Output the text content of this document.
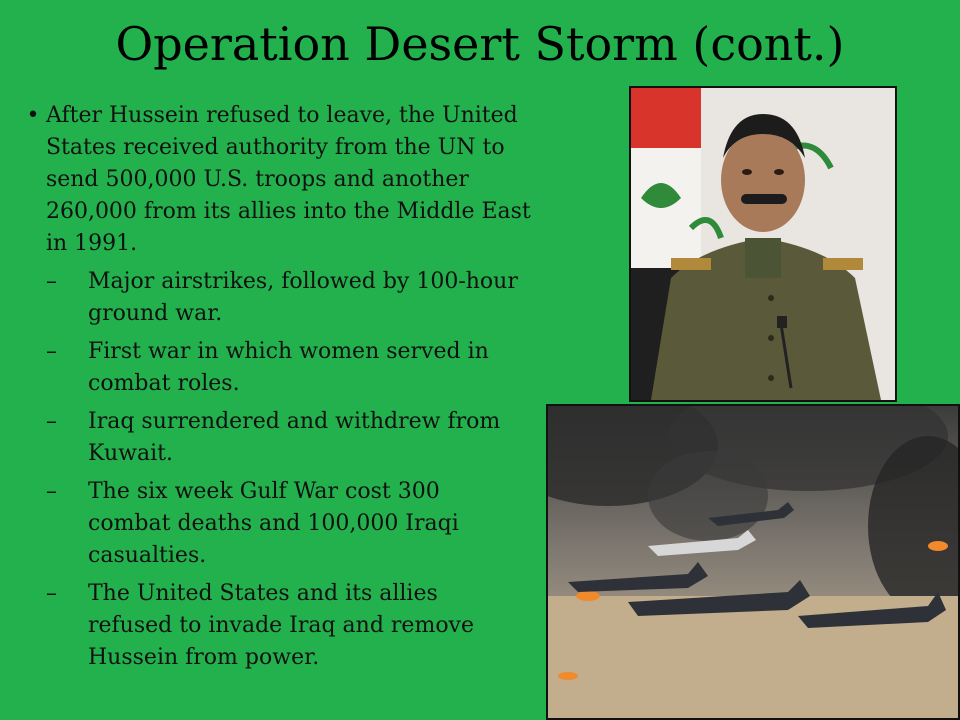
Operation Desert Storm (cont.)
• After Hussein refused to leave, the United States received authority from the UN to send 500,000 U.S. troops and another 260,000 from its allies into the Middle East in 1991.
–	Major airstrikes, followed by 100-hour ground war.
–	First war in which women served in combat roles.
–	Iraq surrendered and withdrew from Kuwait.
–	The six week Gulf War cost 300 combat deaths and 100,000 Iraqi casualties.
–	The United States and its allies refused to invade Iraq and remove Hussein from power.
